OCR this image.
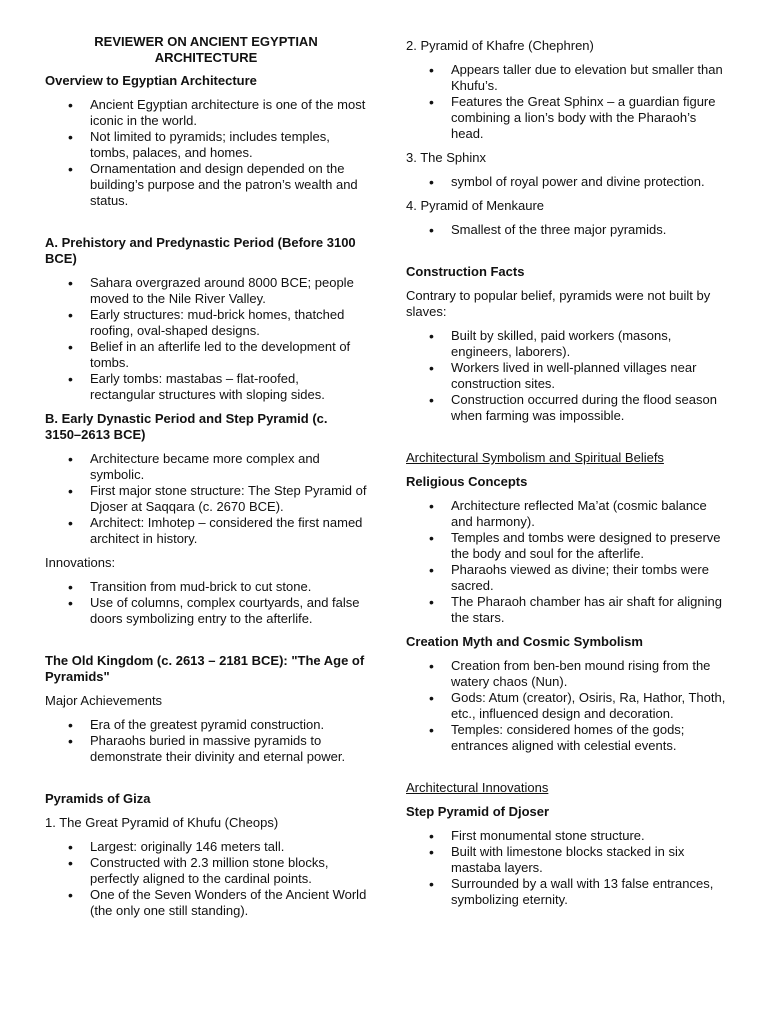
REVIEWER ON ANCIENT EGYPTIAN ARCHITECTURE
Overview to Egyptian Architecture
• Ancient Egyptian architecture is one of the most iconic in the world.
• Not limited to pyramids; includes temples, tombs, palaces, and homes.
• Ornamentation and design depended on the building’s purpose and the patron’s wealth and status.
A. Prehistory and Predynastic Period (Before 3100 BCE)
• Sahara overgrazed around 8000 BCE; people moved to the Nile River Valley.
• Early structures: mud-brick homes, thatched roofing, oval-shaped designs.
• Belief in an afterlife led to the development of tombs.
• Early tombs: mastabas – flat-roofed, rectangular structures with sloping sides.
B. Early Dynastic Period and Step Pyramid (c. 3150–2613 BCE)
• Architecture became more complex and symbolic.
• First major stone structure: The Step Pyramid of Djoser at Saqqara (c. 2670 BCE).
• Architect: Imhotep – considered the first named architect in history.
Innovations:
• Transition from mud-brick to cut stone.
• Use of columns, complex courtyards, and false doors symbolizing entry to the afterlife.
The Old Kingdom (c. 2613 – 2181 BCE): "The Age of Pyramids"
Major Achievements
• Era of the greatest pyramid construction.
• Pharaohs buried in massive pyramids to demonstrate their divinity and eternal power.
Pyramids of Giza
1. The Great Pyramid of Khufu (Cheops)
• Largest: originally 146 meters tall.
• Constructed with 2.3 million stone blocks, perfectly aligned to the cardinal points.
• One of the Seven Wonders of the Ancient World (the only one still standing).
2. Pyramid of Khafre (Chephren)
• Appears taller due to elevation but smaller than Khufu’s.
• Features the Great Sphinx – a guardian figure combining a lion’s body with the Pharaoh’s head.
3. The Sphinx
• symbol of royal power and divine protection.
4. Pyramid of Menkaure
• Smallest of the three major pyramids.
Construction Facts
Contrary to popular belief, pyramids were not built by slaves:
• Built by skilled, paid workers (masons, engineers, laborers).
• Workers lived in well-planned villages near construction sites.
• Construction occurred during the flood season when farming was impossible.
Architectural Symbolism and Spiritual Beliefs
Religious Concepts
• Architecture reflected Ma’at (cosmic balance and harmony).
• Temples and tombs were designed to preserve the body and soul for the afterlife.
• Pharaohs viewed as divine; their tombs were sacred.
• The Pharaoh chamber has air shaft for aligning the stars.
Creation Myth and Cosmic Symbolism
• Creation from ben-ben mound rising from the watery chaos (Nun).
• Gods: Atum (creator), Osiris, Ra, Hathor, Thoth, etc., influenced design and decoration.
• Temples: considered homes of the gods; entrances aligned with celestial events.
Architectural Innovations
Step Pyramid of Djoser
• First monumental stone structure.
• Built with limestone blocks stacked in six mastaba layers.
• Surrounded by a wall with 13 false entrances, symbolizing eternity.
